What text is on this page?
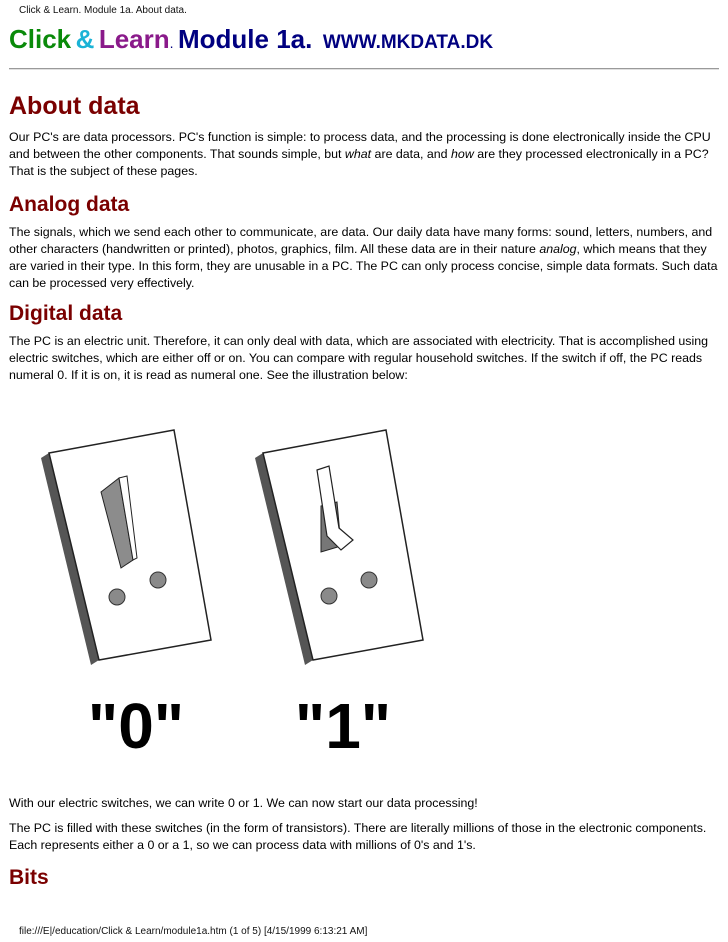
Click & Learn. Module 1a. About data.
Click & Learn. Module 1a. WWW.MKDATA.DK
About data

Our PC's are data processors. PC's function is simple: to process data, and the processing is done electronically inside the CPU and between the other components. That sounds simple, but what are data, and how are they processed electronically in a PC? That is the subject of these pages.

Analog data

The signals, which we send each other to communicate, are data. Our daily data have many forms: sound, letters, numbers, and other characters (handwritten or printed), photos, graphics, film. All these data are in their nature analog, which means that they are varied in their type. In this form, they are unusable in a PC. The PC can only process concise, simple data formats. Such data can be processed very effectively.

Digital data

The PC is an electric unit. Therefore, it can only deal with data, which are associated with electricity. That is accomplished using electric switches, which are either off or on. You can compare with regular household switches. If the switch if off, the PC reads numeral 0. If it is on, it is read as numeral one. See the illustration below:

"0" "1"

With our electric switches, we can write 0 or 1. We can now start our data processing!

The PC is filled with these switches (in the form of transistors). There are literally millions of those in the electronic components. Each represents either a 0 or a 1, so we can process data with millions of 0's and 1's.

Bits
file:///E|/education/Click & Learn/module1a.htm (1 of 5) [4/15/1999 6:13:21 AM]
